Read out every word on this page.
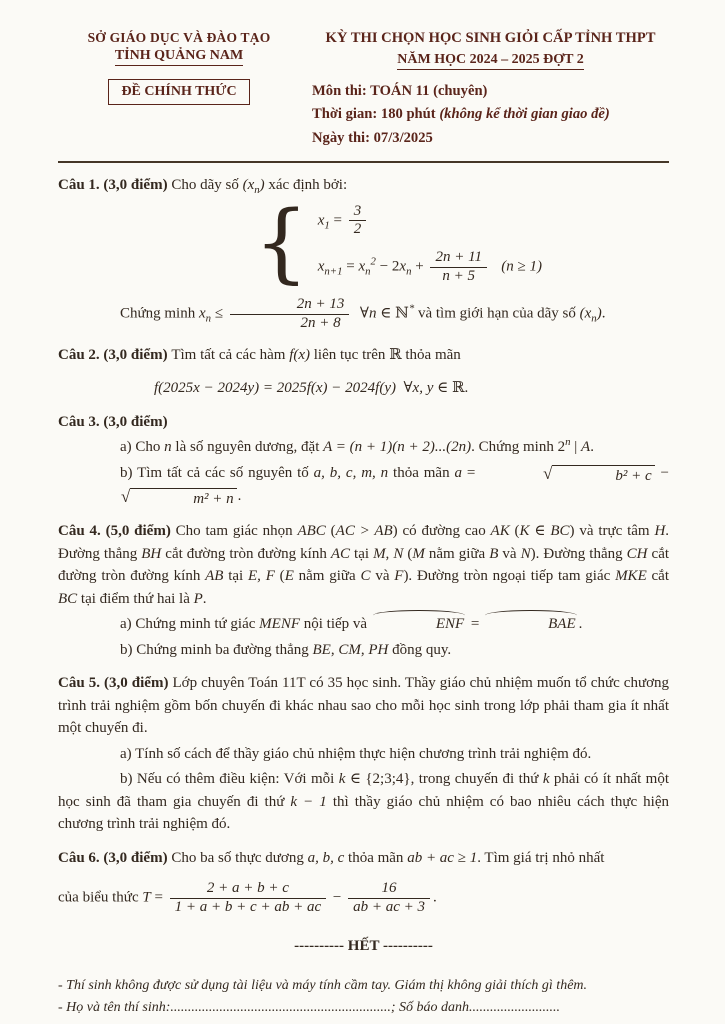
SỞ GIÁO DỤC VÀ ĐÀO TẠO
TỈNH QUẢNG NAM
ĐỀ CHÍNH THỨC
KỲ THI CHỌN HỌC SINH GIỎI CẤP TỈNH THPT
NĂM HỌC 2024 – 2025 ĐỢT 2
Môn thi: TOÁN 11 (chuyên)
Thời gian: 180 phút (không kể thời gian giao đề)
Ngày thi: 07/3/2025

Câu 1. (3,0 điểm) Cho dãy số $(x_n)$ xác định bởi:

{ $x_1 = \frac{3}{2}$
$x_{n+1} = x_n^2 - 2x_n + \frac{2n + 11}{n + 5} (n \ge 1)$

Chứng minh $x_n \le \frac{2n + 13}{2n + 8}$ ∀n ∈ ℕ* và tìm giới hạn của dãy số $(x_n)$.

Câu 2. (3,0 điểm) Tìm tất cả các hàm f(x) liên tục trên ℝ thỏa mãn

f(2025x − 2024y) = 2025f(x) − 2024f(y)  ∀x, y ∈ ℝ.

Câu 3. (3,0 điểm)

a) Cho n là số nguyên dương, đặt A = (n + 1)(n + 2)...(2n). Chứng minh 2$^n$ | A.

b) Tìm tất cả các số nguyên tố a, b, c, m, n thỏa mãn a =	√	b² + c −
√	m² + n .

Câu 4. (5,0 điểm) Cho tam giác nhọn ABC (AC > AB) có đường cao AK (K ∈ BC) và trực tâm H. Đường thẳng BH cắt đường tròn đường kính AC tại M, N (M nằm giữa B và N). Đường thẳng CH cắt đường tròn đường kính AB tại E, F (E nằm giữa C và F). Đường tròn ngoại tiếp tam giác MKE cắt BC tại điểm thứ hai là P.

a) Chứng minh tứ giác MENF nội tiếp và	ENF =	BAE .

b) Chứng minh ba đường thẳng BE, CM, PH đồng quy.

Câu 5. (3,0 điểm) Lớp chuyên Toán 11T có 35 học sinh. Thầy giáo chủ nhiệm muốn tổ chức chương trình trải nghiệm gồm bốn chuyến đi khác nhau sao cho mỗi học sinh trong lớp phải tham gia ít nhất một chuyến đi.

a) Tính số cách để thầy giáo chủ nhiệm thực hiện chương trình trải nghiệm đó.

b) Nếu có thêm điều kiện: Với mỗi k ∈ {2;3;4}, trong chuyến đi thứ k phải có ít nhất một học sinh đã tham gia chuyến đi thứ k − 1 thì thầy giáo chủ nhiệm có bao nhiêu cách thực hiện chương trình trải nghiệm đó.

Câu 6. (3,0 điểm) Cho ba số thực dương a, b, c thỏa mãn ab + ac ≥ 1. Tìm giá trị nhỏ nhất

của biểu thức $T = \frac{2 + a + b + c}{1 + a + b + c + ab + ac} - \frac{16}{ab + ac + 3}$ .

---------- HẾT ----------
- Thí sinh không được sử dụng tài liệu và máy tính cầm tay. Giám thị không giải thích gì thêm.
- Họ và tên thí sinh:...............................................................; Số báo danh..........................
